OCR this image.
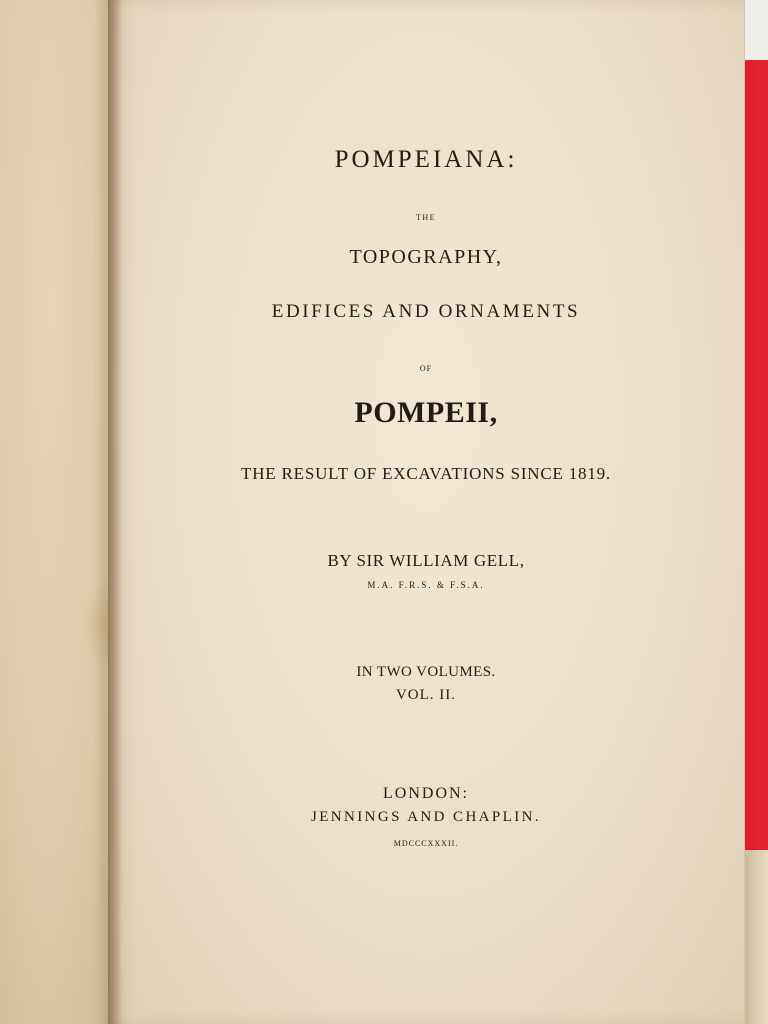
POMPEIANA:

THE

TOPOGRAPHY,

EDIFICES AND ORNAMENTS

OF

POMPEII,

THE RESULT OF EXCAVATIONS SINCE 1819.

BY SIR WILLIAM GELL,

M.A. F.R.S. & F.S.A.

IN TWO VOLUMES.

VOL. II.

LONDON:

JENNINGS AND CHAPLIN.

MDCCCXXXII.
